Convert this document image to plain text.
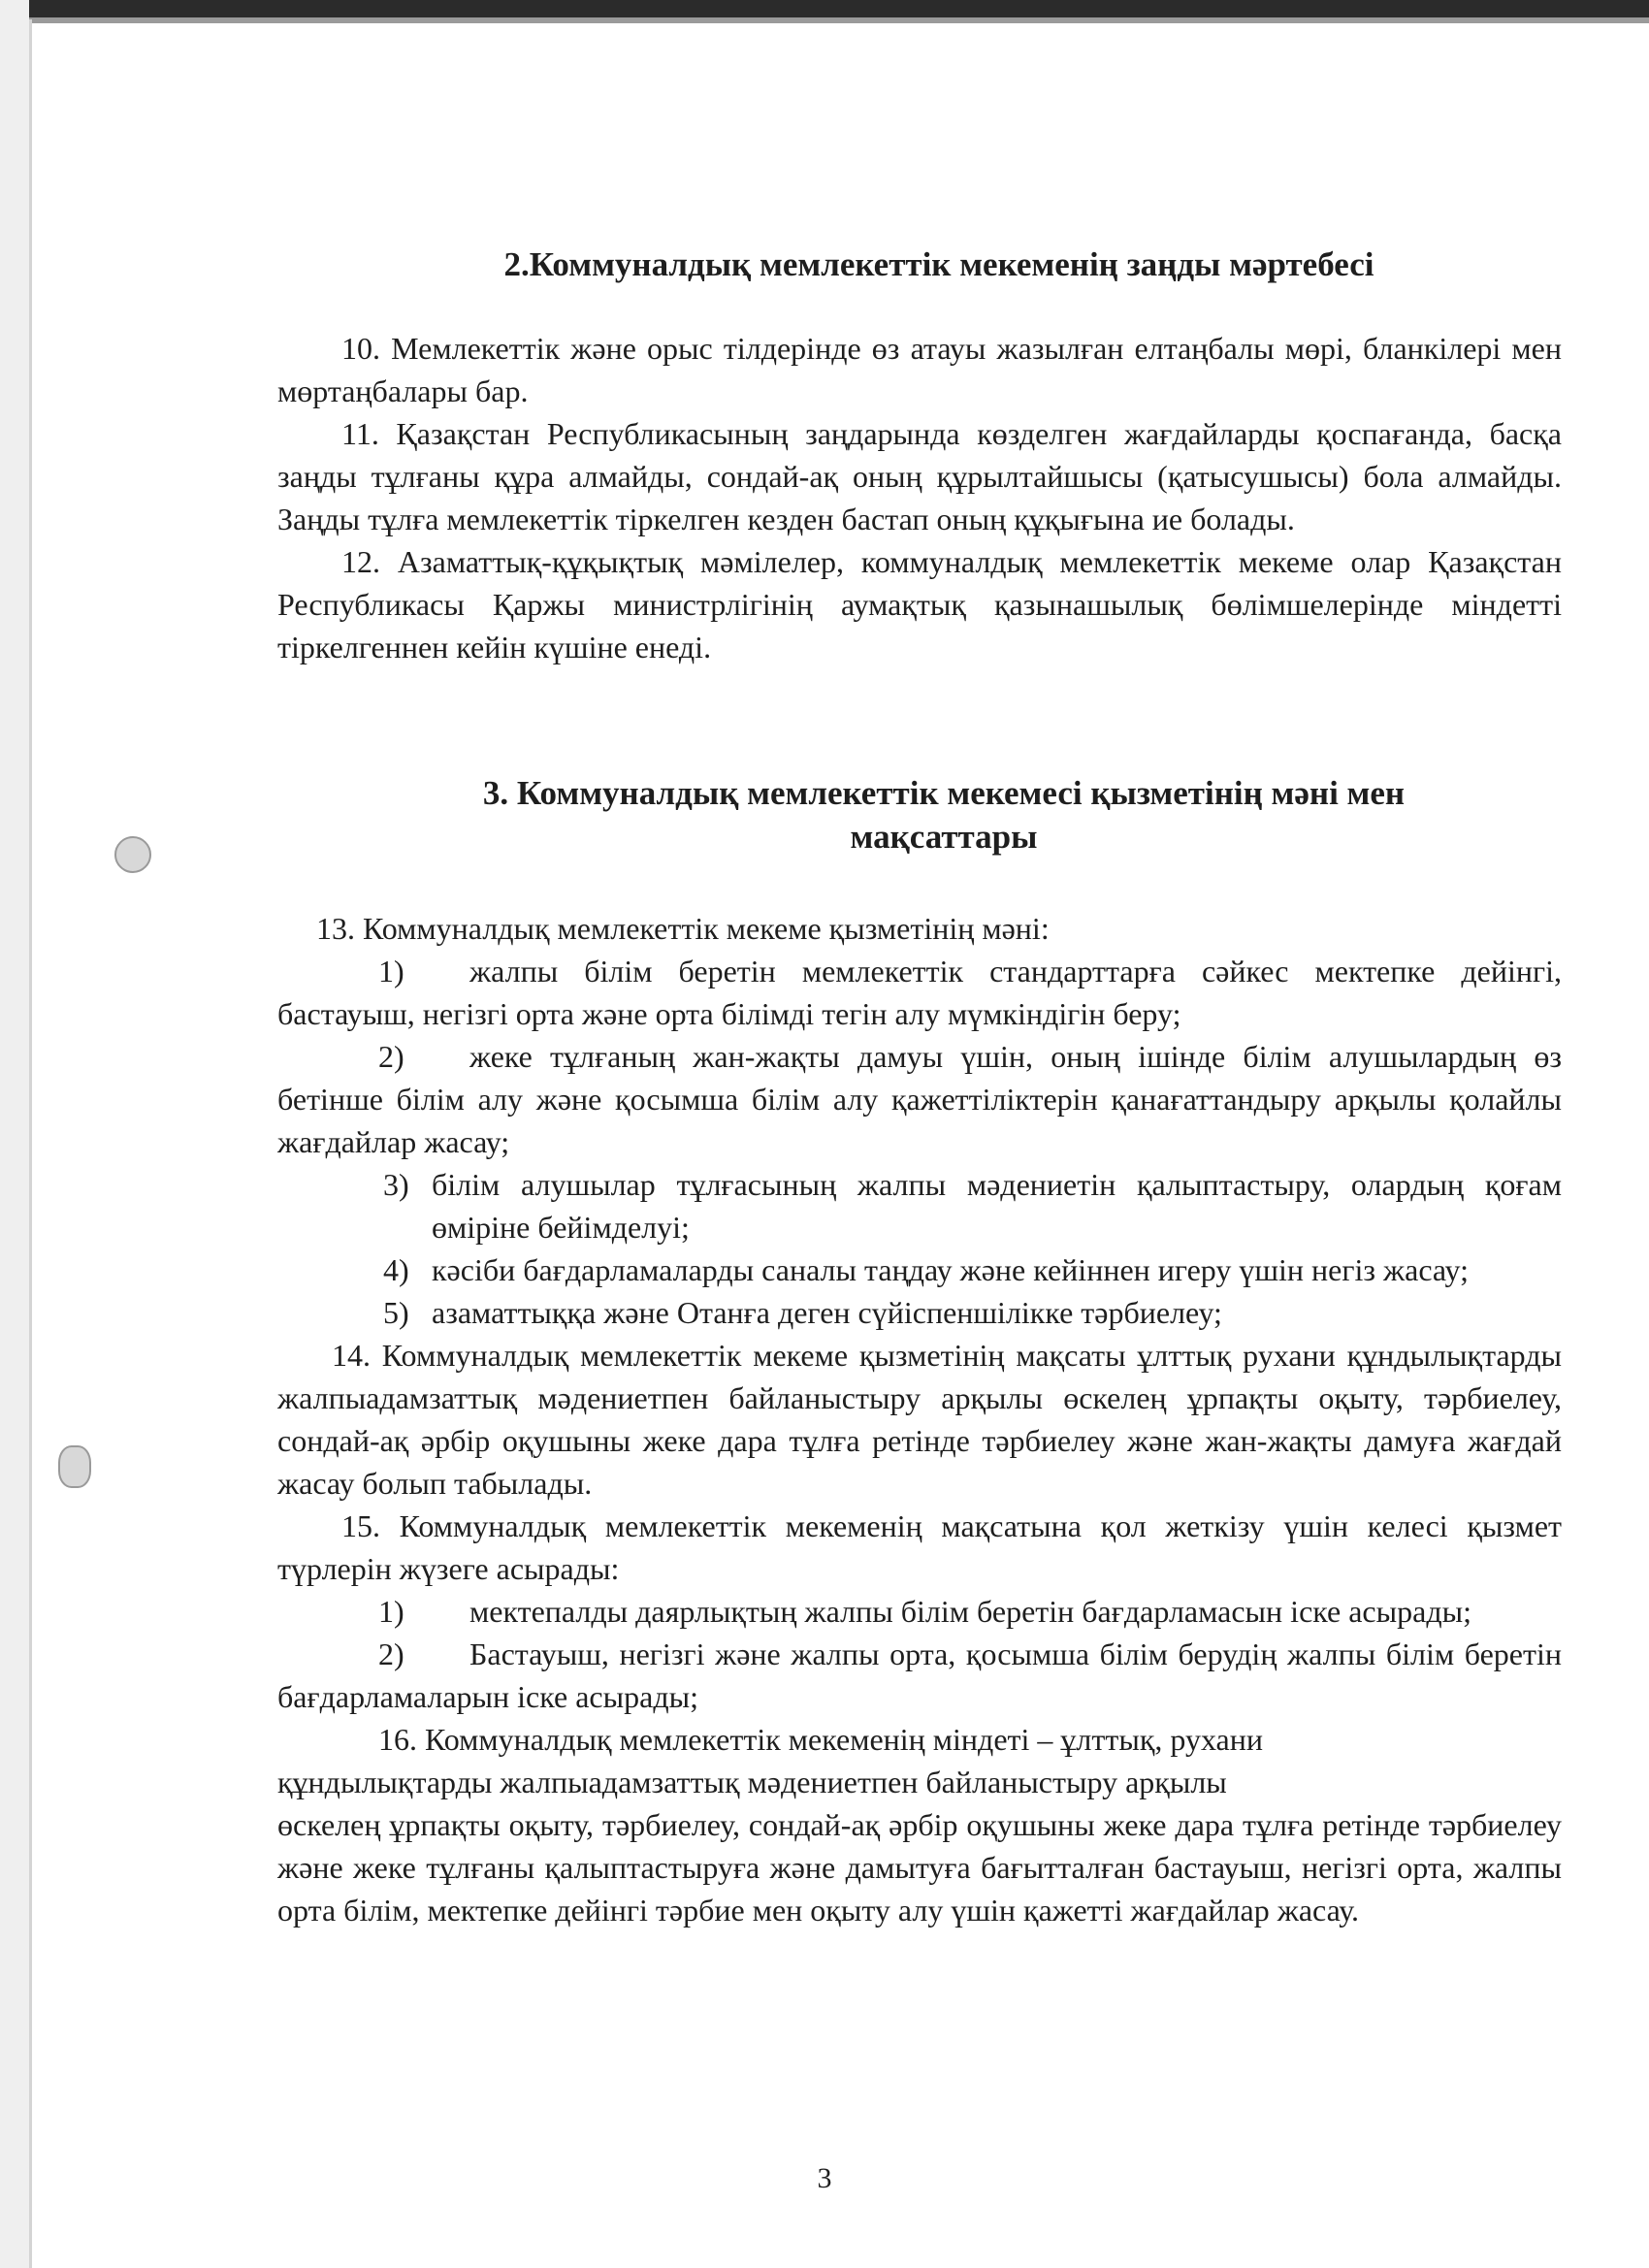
2.Коммуналдық мемлекеттік мекеменің заңды мәртебесі

10. Мемлекеттік және орыс тілдерінде өз атауы жазылған елтаңбалы мөрі, бланкілері мен мөртаңбалары бар.

11. Қазақстан Республикасының заңдарында көзделген жағдайларды қоспағанда, басқа заңды тұлғаны құра алмайды, сондай-ақ оның құрылтайшысы (қатысушысы) бола алмайды. Заңды тұлға мемлекеттік тіркелген кезден бастап оның құқығына ие болады.

12. Азаматтық-құқықтық мәмілелер, коммуналдық мемлекеттік мекеме олар Қазақстан Республикасы Қаржы министрлігінің аумақтық қазынашылық бөлімшелерінде міндетті тіркелгеннен кейін күшіне енеді.

3. Коммуналдық мемлекеттік мекемесі қызметінің мәні мен
мақсаттары

13. Коммуналдық мемлекеттік мекеме қызметінің мәні:

1) жалпы білім беретін мемлекеттік стандарттарға сәйкес мектепке дейінгі, бастауыш, негізгі орта және орта білімді тегін алу мүмкіндігін беру;

2) жеке тұлғаның жан-жақты дамуы үшін, оның ішінде білім алушылардың өз бетінше білім алу және қосымша білім алу қажеттіліктерін қанағаттандыру арқылы қолайлы жағдайлар жасау;

3) білім алушылар тұлғасының жалпы мәдениетін қалыптастыру, олардың қоғам өміріне бейімделуі;

4) кәсіби бағдарламаларды саналы таңдау және кейіннен игеру үшін негіз жасау;

5) азаматтыққа және Отанға деген сүйіспеншілікке тәрбиелеу;

14. Коммуналдық мемлекеттік мекеме қызметінің мақсаты ұлттық рухани құндылықтарды жалпыадамзаттық мәдениетпен байланыстыру арқылы өскелең ұрпақты оқыту, тәрбиелеу, сондай-ақ әрбір оқушыны жеке дара тұлға ретінде тәрбиелеу және жан-жақты дамуға жағдай жасау болып табылады.

15. Коммуналдық мемлекеттік мекеменің мақсатына қол жеткізу үшін келесі қызмет түрлерін жүзеге асырады:

1) мектепалды даярлықтың жалпы білім беретін бағдарламасын іске асырады;

2) Бастауыш, негізгі және жалпы орта, қосымша білім берудің жалпы білім беретін бағдарламаларын іске асырады;

16. Коммуналдық мемлекеттік мекеменің міндеті – ұлттық, рухани

құндылықтарды жалпыадамзаттық мәдениетпен байланыстыру арқылы

өскелең ұрпақты оқыту, тәрбиелеу, сондай-ақ әрбір оқушыны жеке дара тұлға ретінде тәрбиелеу және жеке тұлғаны қалыптастыруға және дамытуға бағытталған бастауыш, негізгі орта, жалпы орта білім, мектепке дейінгі тәрбие мен оқыту алу үшін қажетті жағдайлар жасау.

3
